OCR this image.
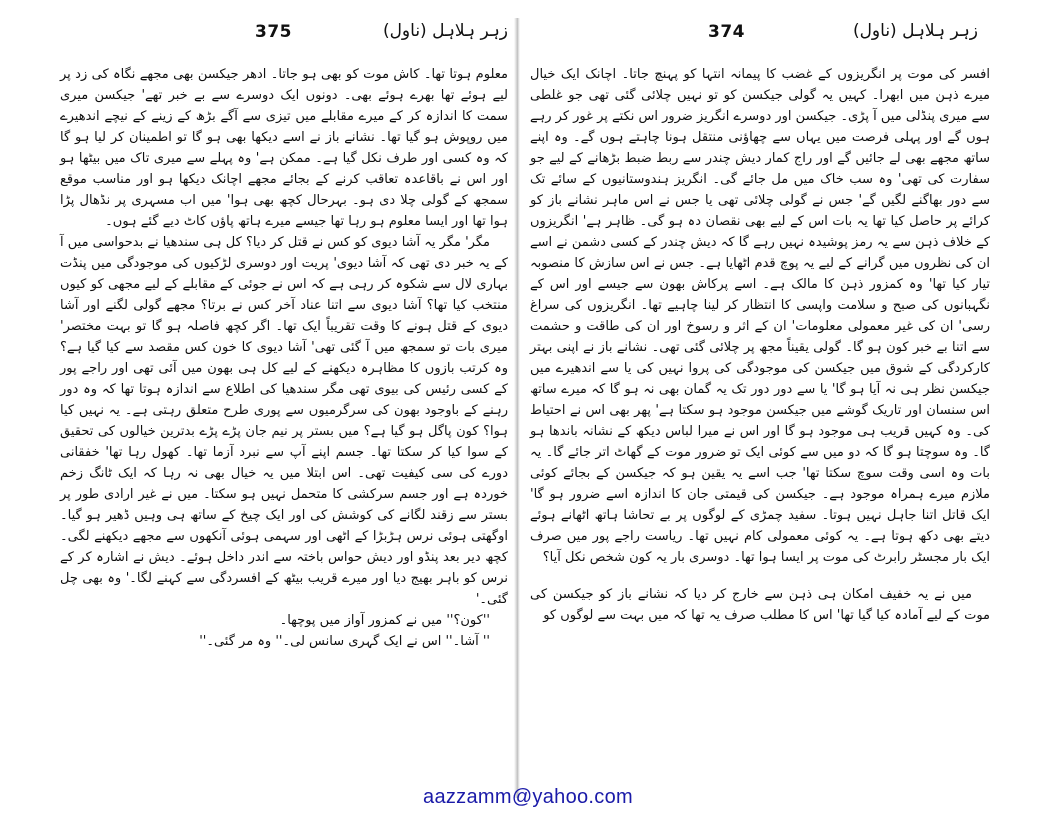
375	زہر ہلاہل (ناول)

معلوم ہوتا تھا۔ کاش موت کو بھی ہو جاتا۔ ادھر جیکسن بھی مجھے نگاہ کی زد پر لیے ہوئے تھا بھرے ہوئے بھی۔ دونوں ایک دوسرے سے بے خبر تھے' جیکسن میری سمت کا اندازہ کر کے میرے مقابلے میں تیزی سے آگے بڑھ کے زینے کے نیچے اندھیرے میں روپوش ہو گیا تھا۔ نشانے باز نے اسے دیکھا بھی ہو گا تو اطمینان کر لیا ہو گا کہ وہ کسی اور طرف نکل گیا ہے۔ ممکن ہے' وہ پہلے سے میری تاک میں بیٹھا ہو اور اس نے باقاعدہ تعاقب کرنے کے بجائے مجھے اچانک دیکھا ہو اور مناسب موقع سمجھ کے گولی چلا دی ہو۔ بہرحال کچھ بھی ہوا' میں اب مسہری پر نڈھال پڑا ہوا تھا اور ایسا معلوم ہو رہا تھا جیسے میرے ہاتھ پاؤں کاٹ دیے گئے ہوں۔

مگر' مگر یہ آشا دیوی کو کس نے قتل کر دیا؟ کل ہی سندھیا نے بدحواسی میں آ کے یہ خبر دی تھی کہ آشا دیوی' پریت اور دوسری لڑکیوں کی موجودگی میں پنڈت بہاری لال سے شکوہ کر رہی ہے کہ اس نے جوئی کے مقابلے کے لیے مجھی کو کیوں منتخب کیا تھا؟ آشا دیوی سے اتنا عناد آخر کس نے برتا؟ مجھے گولی لگنے اور آشا دیوی کے قتل ہونے کا وقت تقریباً ایک تھا۔ اگر کچھ فاصلہ ہو گا تو بہت مختصر' میری بات تو سمجھ میں آ گئی تھی' آشا دیوی کا خون کس مقصد سے کیا گیا ہے؟ وہ کرتب بازوں کا مظاہرہ دیکھنے کے لیے کل ہی بھون میں آئی تھی اور راجے پور کے کسی رئیس کی بیوی تھی مگر سندھیا کی اطلاع سے اندازہ ہوتا تھا کہ وہ دور رہنے کے باوجود بھون کی سرگرمیوں سے پوری طرح متعلق رہتی ہے۔ یہ نہیں کیا ہوا؟ کون پاگل ہو گیا ہے؟ میں بستر پر نیم جان پڑے پڑے بدترین خیالوں کی تحقیق کے سوا کیا کر سکتا تھا۔ جسم اپنے آپ سے نبرد آزما تھا۔ کھول رہا تھا' خفقانی دورے کی سی کیفیت تھی۔ اس ابتلا میں یہ خیال بھی نہ رہا کہ ایک ٹانگ زخم خوردہ ہے اور جسم سرکشی کا متحمل نہیں ہو سکتا۔ میں نے غیر ارادی طور پر بستر سے زقند لگانے کی کوشش کی اور ایک چیخ کے ساتھ ہی وہیں ڈھیر ہو گیا۔ اوگھتی ہوئی نرس ہڑبڑا کے اٹھی اور سہمی ہوئی آنکھوں سے مجھے دیکھنے لگی۔ کچھ دیر بعد پنڈو اور دیش حواس باختہ سے اندر داخل ہوئے۔ دیش نے اشارہ کر کے نرس کو باہر بھیج دیا اور میرے قریب بیٹھ کے افسردگی سے کہنے لگا۔' وہ بھی چل گئی۔'

''کون؟'' میں نے کمزور آواز میں پوچھا۔

'' آشا۔'' اس نے ایک گہری سانس لی۔'' وہ مر گئی۔''

374	زہر ہلاہل (ناول)

افسر کی موت پر انگریزوں کے غضب کا پیمانہ انتہا کو پہنچ جاتا۔ اچانک ایک خیال میرے ذہن میں ابھرا۔ کہیں یہ گولی جیکسن کو تو نہیں چلائی گئی تھی جو غلطی سے میری پنڈلی میں آ پڑی۔ جیکسن اور دوسرے انگریز ضرور اس نکتے پر غور کر رہے ہوں گے اور پہلی فرصت میں یہاں سے چھاؤنی منتقل ہونا چاہتے ہوں گے۔ وہ اپنے ساتھ مجھے بھی لے جائیں گے اور راج کمار دیش چندر سے ربط ضبط بڑھانے کے لیے جو سفارت کی تھی' وہ سب خاک میں مل جائے گی۔ انگریز ہندوستانیوں کے سائے تک سے دور بھاگنے لگیں گے' جس نے گولی چلائی تھی یا جس نے اس ماہر نشانے باز کو کرائے پر حاصل کیا تھا یہ بات اس کے لیے بھی نقصان دہ ہو گی۔ ظاہر ہے' انگریزوں کے خلاف ذہن سے یہ رمز پوشیدہ نہیں رہے گا کہ دیش چندر کے کسی دشمن نے اسے ان کی نظروں میں گرانے کے لیے یہ پوچ قدم اٹھایا ہے۔ جس نے اس سازش کا منصوبہ تیار کیا تھا' وہ کمزور ذہن کا مالک ہے۔ اسے پرکاش بھون سے جیسے اور اس کے نگہبانوں کی صبح و سلامت واپسی کا انتظار کر لینا چاہیے تھا۔ انگریزوں کی سراغ رسی' ان کی غیر معمولی معلومات' ان کے اثر و رسوخ اور ان کی طاقت و حشمت سے اتنا بے خبر کون ہو گا۔ گولی یقیناً مجھ پر چلائی گئی تھی۔ نشانے باز نے اپنی بہتر کارکردگی کے شوق میں جیکسن کی موجودگی کی پروا نہیں کی یا سے اندھیرے میں جیکسن نظر ہی نہ آیا ہو گا' یا سے دور دور تک یہ گمان بھی نہ ہو گا کہ میرے ساتھ اس سنسان اور تاریک گوشے میں جیکسن موجود ہو سکتا ہے' پھر بھی اس نے احتیاط کی۔ وہ کہیں قریب ہی موجود ہو گا اور اس نے میرا لباس دیکھ کے نشانہ باندھا ہو گا۔ وہ سوچتا ہو گا کہ دو میں سے کوئی ایک تو ضرور موت کے گھاٹ اتر جائے گا۔ یہ بات وہ اسی وقت سوچ سکتا تھا' جب اسے یہ یقین ہو کہ جیکسن کے بجائے کوئی ملازم میرے ہمراہ موجود ہے۔ جیکسن کی قیمتی جان کا اندازہ اسے ضرور ہو گا' ایک قاتل اتنا جاہل نہیں ہوتا۔ سفید چمڑی کے لوگوں پر بے تحاشا ہاتھ اٹھانے ہوئے دیتے بھی دکھ ہوتا ہے۔ یہ کوئی معمولی کام نہیں تھا۔ ریاست راجے پور میں صرف ایک بار مجسٹر رابرٹ کی موت پر ایسا ہوا تھا۔ دوسری بار یہ کون شخص نکل آیا؟

میں نے یہ خفیف امکان ہی ذہن سے خارج کر دیا کہ نشانے باز کو جیکسن کی موت کے لیے آمادہ کیا گیا تھا' اس کا مطلب صرف یہ تھا کہ میں بہت سے لوگوں کو

aazzamm@yahoo.com
